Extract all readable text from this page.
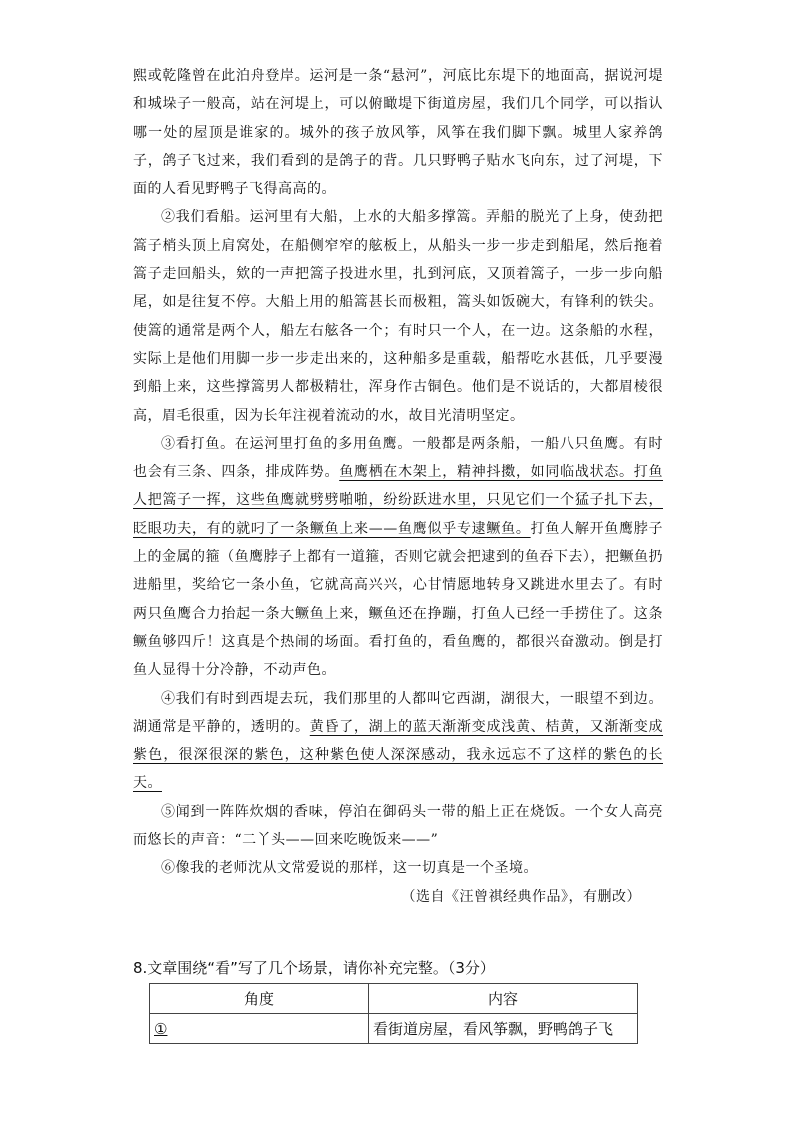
熙或乾隆曾在此泊舟登岸。运河是一条“悬河”，河底比东堤下的地面高，据说河堤和城垛子一般高，站在河堤上，可以俯瞰堤下街道房屋，我们几个同学，可以指认哪一处的屋顶是谁家的。城外的孩子放风筝，风筝在我们脚下飘。城里人家养鸽子，鸽子飞过来，我们看到的是鸽子的背。几只野鸭子贴水飞向东，过了河堤，下面的人看见野鸭子飞得高高的。

②我们看船。运河里有大船，上水的大船多撑篙。弄船的脱光了上身，使劲把篙子梢头顶上肩窝处，在船侧窄窄的舷板上，从船头一步一步走到船尾，然后拖着篙子走回船头，欸的一声把篙子投进水里，扎到河底，又顶着篙子，一步一步向船尾，如是往复不停。大船上用的船篙甚长而极粗，篙头如饭碗大，有锋利的铁尖。使篙的通常是两个人，船左右舷各一个；有时只一个人，在一边。这条船的水程，实际上是他们用脚一步一步走出来的，这种船多是重载，船帮吃水甚低，几乎要漫到船上来，这些撑篙男人都极精壮，浑身作古铜色。他们是不说话的，大都眉棱很高，眉毛很重，因为长年注视着流动的水，故目光清明坚定。

③看打鱼。在运河里打鱼的多用鱼鹰。一般都是两条船，一船八只鱼鹰。有时也会有三条、四条，排成阵势。鱼鹰栖在木架上，精神抖擞，如同临战状态。打鱼人把篙子一挥，这些鱼鹰就劈劈啪啪，纷纷跃进水里，只见它们一个猛子扎下去，眨眼功夫，有的就叼了一条鳜鱼上来——鱼鹰似乎专逮鳜鱼。打鱼人解开鱼鹰脖子上的金属的箍（鱼鹰脖子上都有一道箍，否则它就会把逮到的鱼吞下去），把鳜鱼扔进船里，奖给它一条小鱼，它就高高兴兴，心甘情愿地转身又跳进水里去了。有时两只鱼鹰合力抬起一条大鳜鱼上来，鳜鱼还在挣蹦，打鱼人已经一手捞住了。这条鳜鱼够四斤！这真是个热闹的场面。看打鱼的，看鱼鹰的，都很兴奋激动。倒是打鱼人显得十分冷静，不动声色。

④我们有时到西堤去玩，我们那里的人都叫它西湖，湖很大，一眼望不到边。湖通常是平静的，透明的。黄昏了，湖上的蓝天渐渐变成浅黄、桔黄，又渐渐变成紫色，很深很深的紫色，这种紫色使人深深感动，我永远忘不了这样的紫色的长天。

⑤闻到一阵阵炊烟的香味，停泊在御码头一带的船上正在烧饭。一个女人高亮而悠长的声音：“二丫头——回来吃晚饭来——”

⑥像我的老师沈从文常爱说的那样，这一切真是一个圣境。

（选自《汪曾祺经典作品》，有删改）

8.文章围绕“看”写了几个场景，请你补充完整。（3分）
角度	内容
①	看街道房屋，看风筝飘，野鸭鸽子飞
